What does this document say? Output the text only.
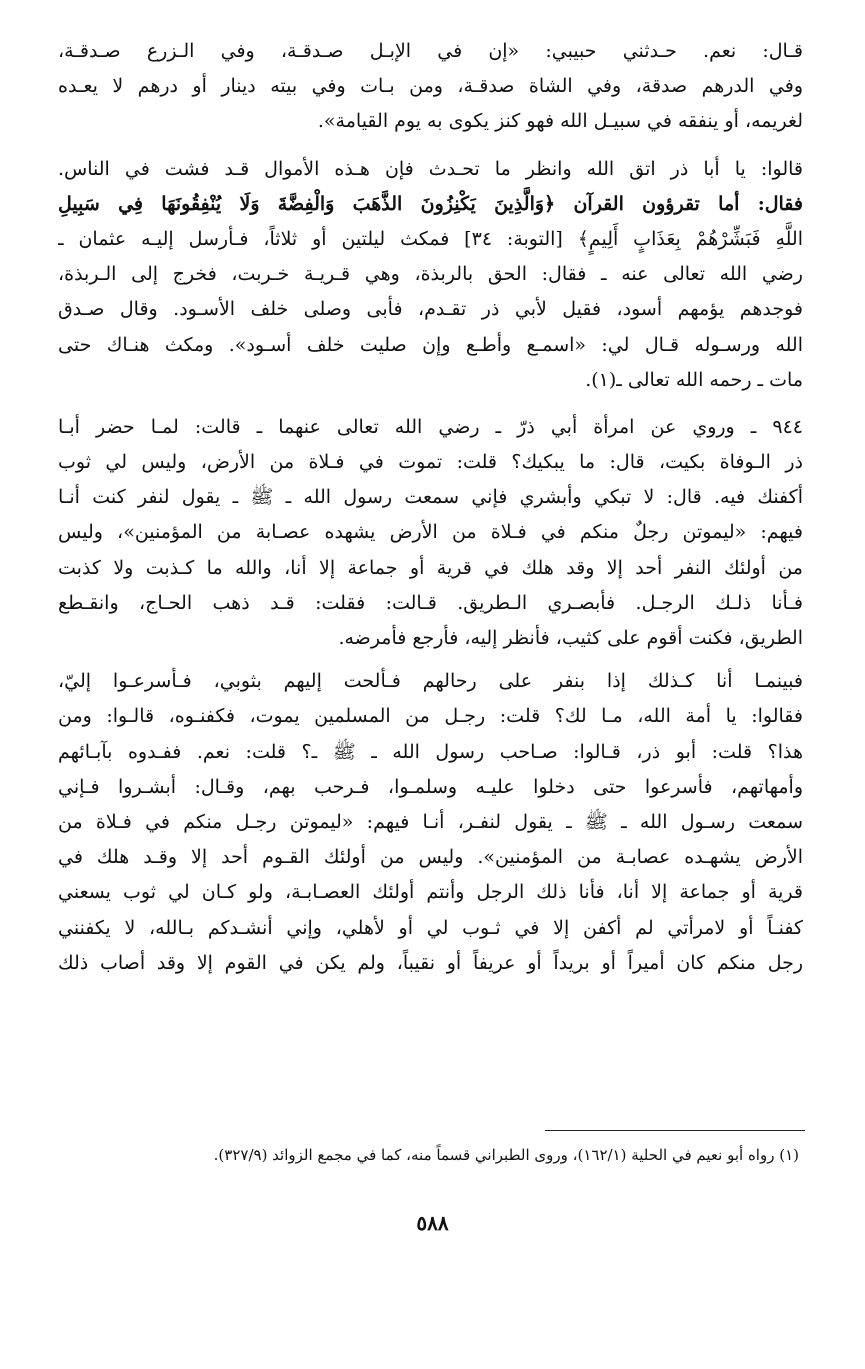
قـال: نعم. حـدثني حبيبي: «إن في الإبـل صـدقـة، وفي الـزرع صـدقـة،
وفي الدرهم صدقة، وفي الشاة صدقـة، ومن بـات وفي بيته دينار أو درهم لا يعـده
لغريمه، أو ينفقه في سبيـل الله فهو كنز يكوى به يوم القيامة».
قالوا: يا أبا ذر اتق الله وانظر ما تحـدث فإن هـذه الأموال قـد فشت في الناس.
فقال: أما تقرؤون القرآن ﴿وَالَّذِينَ يَكْنِزُونَ الذَّهَبَ وَالْفِضَّةَ وَلَا يُنْفِقُونَهَا فِي سَبِيلِ
اللَّهِ فَبَشِّرْهُمْ بِعَذَابٍ أَلِيمٍ﴾ [التوبة: ٣٤] فمكث ليلتين أو ثلاثاً، فـأرسل إليـه عثمان ـ
رضي الله تعالى عنه ـ فقال: الحق بالربذة، وهي قـريـة خـربت، فخرج إلى الـربذة،
فوجدهم يؤمهم أسود، فقيل لأبي ذر تقـدم، فأبى وصلى خلف الأسـود. وقال صـدق
الله ورسـوله قـال لي: «اسمـع وأطـع وإن صليت خلف أسـود». ومكث هنـاك حتى
مات ـ رحمه الله تعالى ـ(١).
٩٤٤ ـ وروي عن امرأة أبي ذرّ ـ رضي الله تعالى عنهما ـ قالت: لمـا حضر أبـا
ذر الـوفاة بكيت، قال: ما يبكيك؟ قلت: تموت في فـلاة من الأرض، وليس لي ثوب
أكفنك فيه. قال: لا تبكي وأبشري فإني سمعت رسول الله ـ ﷺ ـ يقول لنفر كنت أنـا
فيهم: «ليموتن رجلٌ منكم في فـلاة من الأرض يشهده عصـابة من المؤمنين»، وليس
من أولئك النفر أحد إلا وقد هلك في قرية أو جماعة إلا أنا، والله ما كـذبت ولا كذبت
فـأنا ذلـك الرجـل. فأبصـري الـطريق. قـالت: فقلت: قـد ذهب الحـاج، وانقـطع
الطريق، فكنت أقوم على كثيب، فأنظر إليه، فأرجع فأمرضه.
فبينمـا أنا كـذلك إذا بنفر على رحالهم فـألحت إليهم بثوبي، فـأسرعـوا إليّ،
فقالوا: يا أمة الله، مـا لك؟ قلت: رجـل من المسلمين يموت، فكفنـوه، قالـوا: ومن
هذا؟ قلت: أبو ذر، قـالوا: صـاحب رسول الله ـ ﷺ ـ؟ قلت: نعم. ففـدوه بآبـائهم
وأمهاتهم، فأسرعوا حتى دخلوا عليـه وسلمـوا، فـرحب بهم، وقـال: أبشـروا فـإني
سمعت رسـول الله ـ ﷺ ـ يقول لنفـر، أنـا فيهم: «ليموتن رجـل منكم في فـلاة من
الأرض يشهـده عصابـة من المؤمنين». وليس من أولئك القـوم أحد إلا وقـد هلك في
قرية أو جماعة إلا أنا، فأنا ذلك الرجل وأنتم أولئك العصـابـة، ولو كـان لي ثوب يسعني
كفنـاً أو لامرأتي لم أكفن إلا في ثـوب لي أو لأهلي، وإني أنشـدكم بـالله، لا يكفنني
رجل منكم كان أميراً أو بريداً أو عريفاً أو نقيباً، ولم يكن في القوم إلا وقد أصاب ذلك
(١) رواه أبو نعيم في الحلية (١٦٢/١)، وروى الطبراني قسماً منه، كما في مجمع الزوائد (٣٢٧/٩).
٥٨٨
